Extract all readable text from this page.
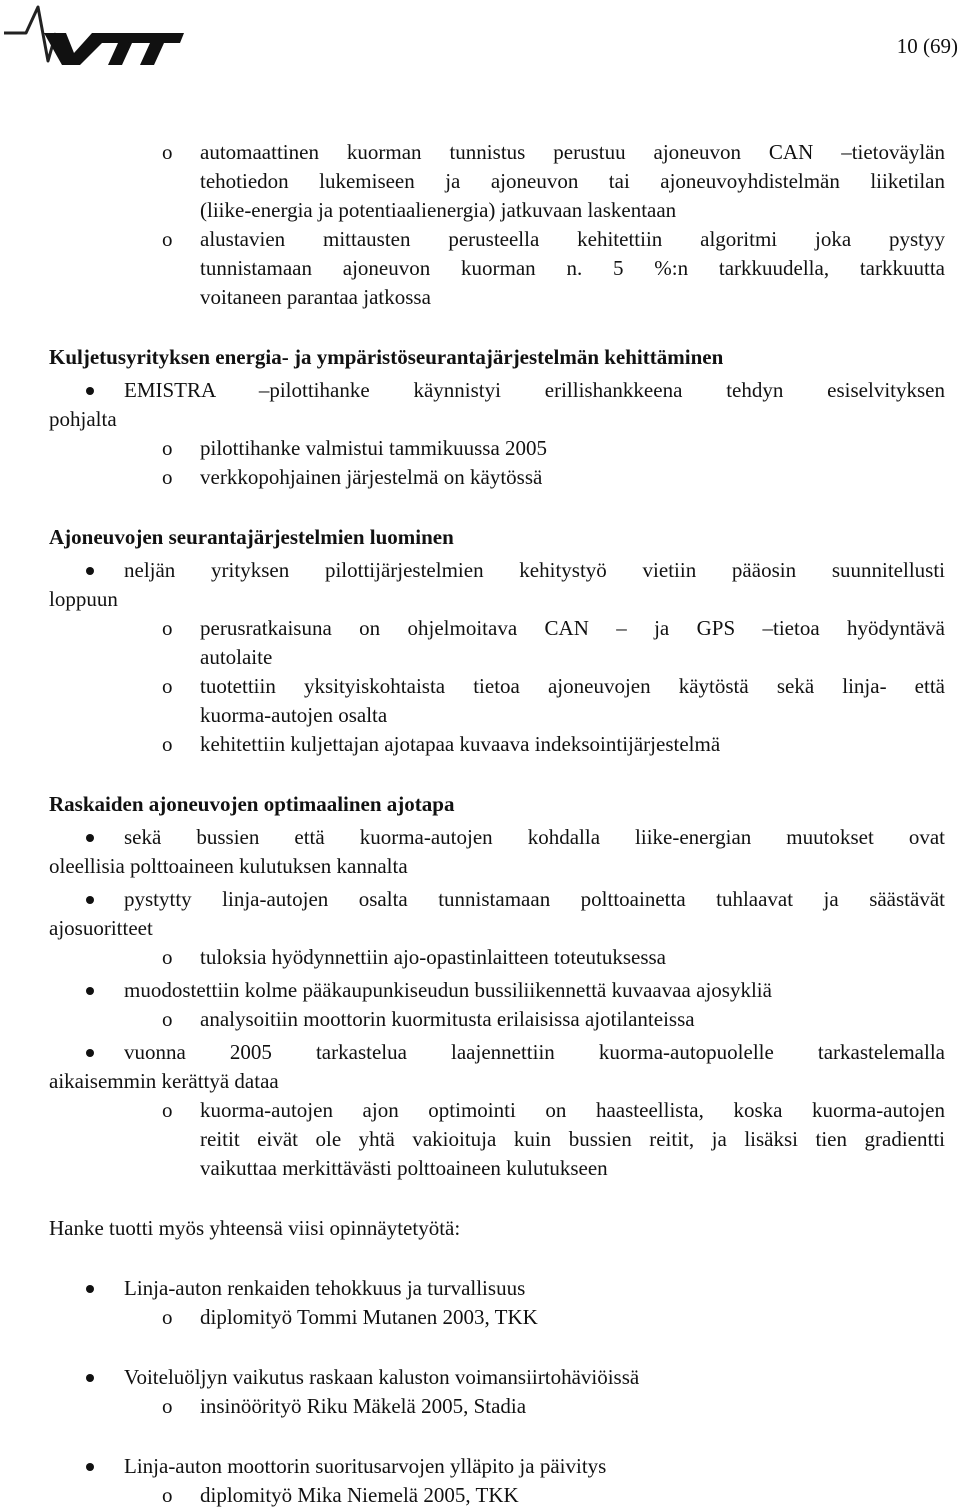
10 (69)
o automaattinen kuorman tunnistus perustuu ajoneuvon CAN –tietoväylän
tehotiedon lukemiseen ja ajoneuvon tai ajoneuvoyhdistelmän liiketilan
(liike-energia ja potentiaalienergia) jatkuvaan laskentaan
o alustavien mittausten perusteella kehitettiin algoritmi joka pystyy
tunnistamaan ajoneuvon kuorman n. 5 %:n tarkkuudella, tarkkuutta
voitaneen parantaa jatkossa
Kuljetusyrityksen energia- ja ympäristöseurantajärjestelmän kehittäminen
EMISTRA –pilottihanke käynnistyi erillishankkeena tehdyn esiselvityksen
pohjalta
o pilottihanke valmistui tammikuussa 2005
o verkkopohjainen järjestelmä on käytössä
Ajoneuvojen seurantajärjestelmien luominen
neljän yrityksen pilottijärjestelmien kehitystyö vietiin pääosin suunnitellusti
loppuun
o perusratkaisuna on ohjelmoitava CAN – ja GPS –tietoa hyödyntävä
autolaite
o tuotettiin yksityiskohtaista tietoa ajoneuvojen käytöstä sekä linja- että
kuorma-autojen osalta
o kehitettiin kuljettajan ajotapaa kuvaava indeksointijärjestelmä
Raskaiden ajoneuvojen optimaalinen ajotapa
sekä bussien että kuorma-autojen kohdalla liike-energian muutokset ovat
oleellisia polttoaineen kulutuksen kannalta
pystytty linja-autojen osalta tunnistamaan polttoainetta tuhlaavat ja säästävät
ajosuoritteet
o tuloksia hyödynnettiin ajo-opastinlaitteen toteutuksessa
muodostettiin kolme pääkaupunkiseudun bussiliikennettä kuvaavaa ajosykliä
o analysoitiin moottorin kuormitusta erilaisissa ajotilanteissa
vuonna 2005 tarkastelua laajennettiin kuorma-autopuolelle tarkastelemalla
aikaisemmin kerättyä dataa
o kuorma-autojen ajon optimointi on haasteellista, koska kuorma-autojen
reitit eivät ole yhtä vakioituja kuin bussien reitit, ja lisäksi tien gradientti
vaikuttaa merkittävästi polttoaineen kulutukseen
Hanke tuotti myös yhteensä viisi opinnäytetyötä:
Linja-auton renkaiden tehokkuus ja turvallisuus
o diplomityö Tommi Mutanen 2003, TKK
Voiteluöljyn vaikutus raskaan kaluston voimansiirtohäviöissä
o insinöörityö Riku Mäkelä 2005, Stadia
Linja-auton moottorin suoritusarvojen ylläpito ja päivitys
o diplomityö Mika Niemelä 2005, TKK
